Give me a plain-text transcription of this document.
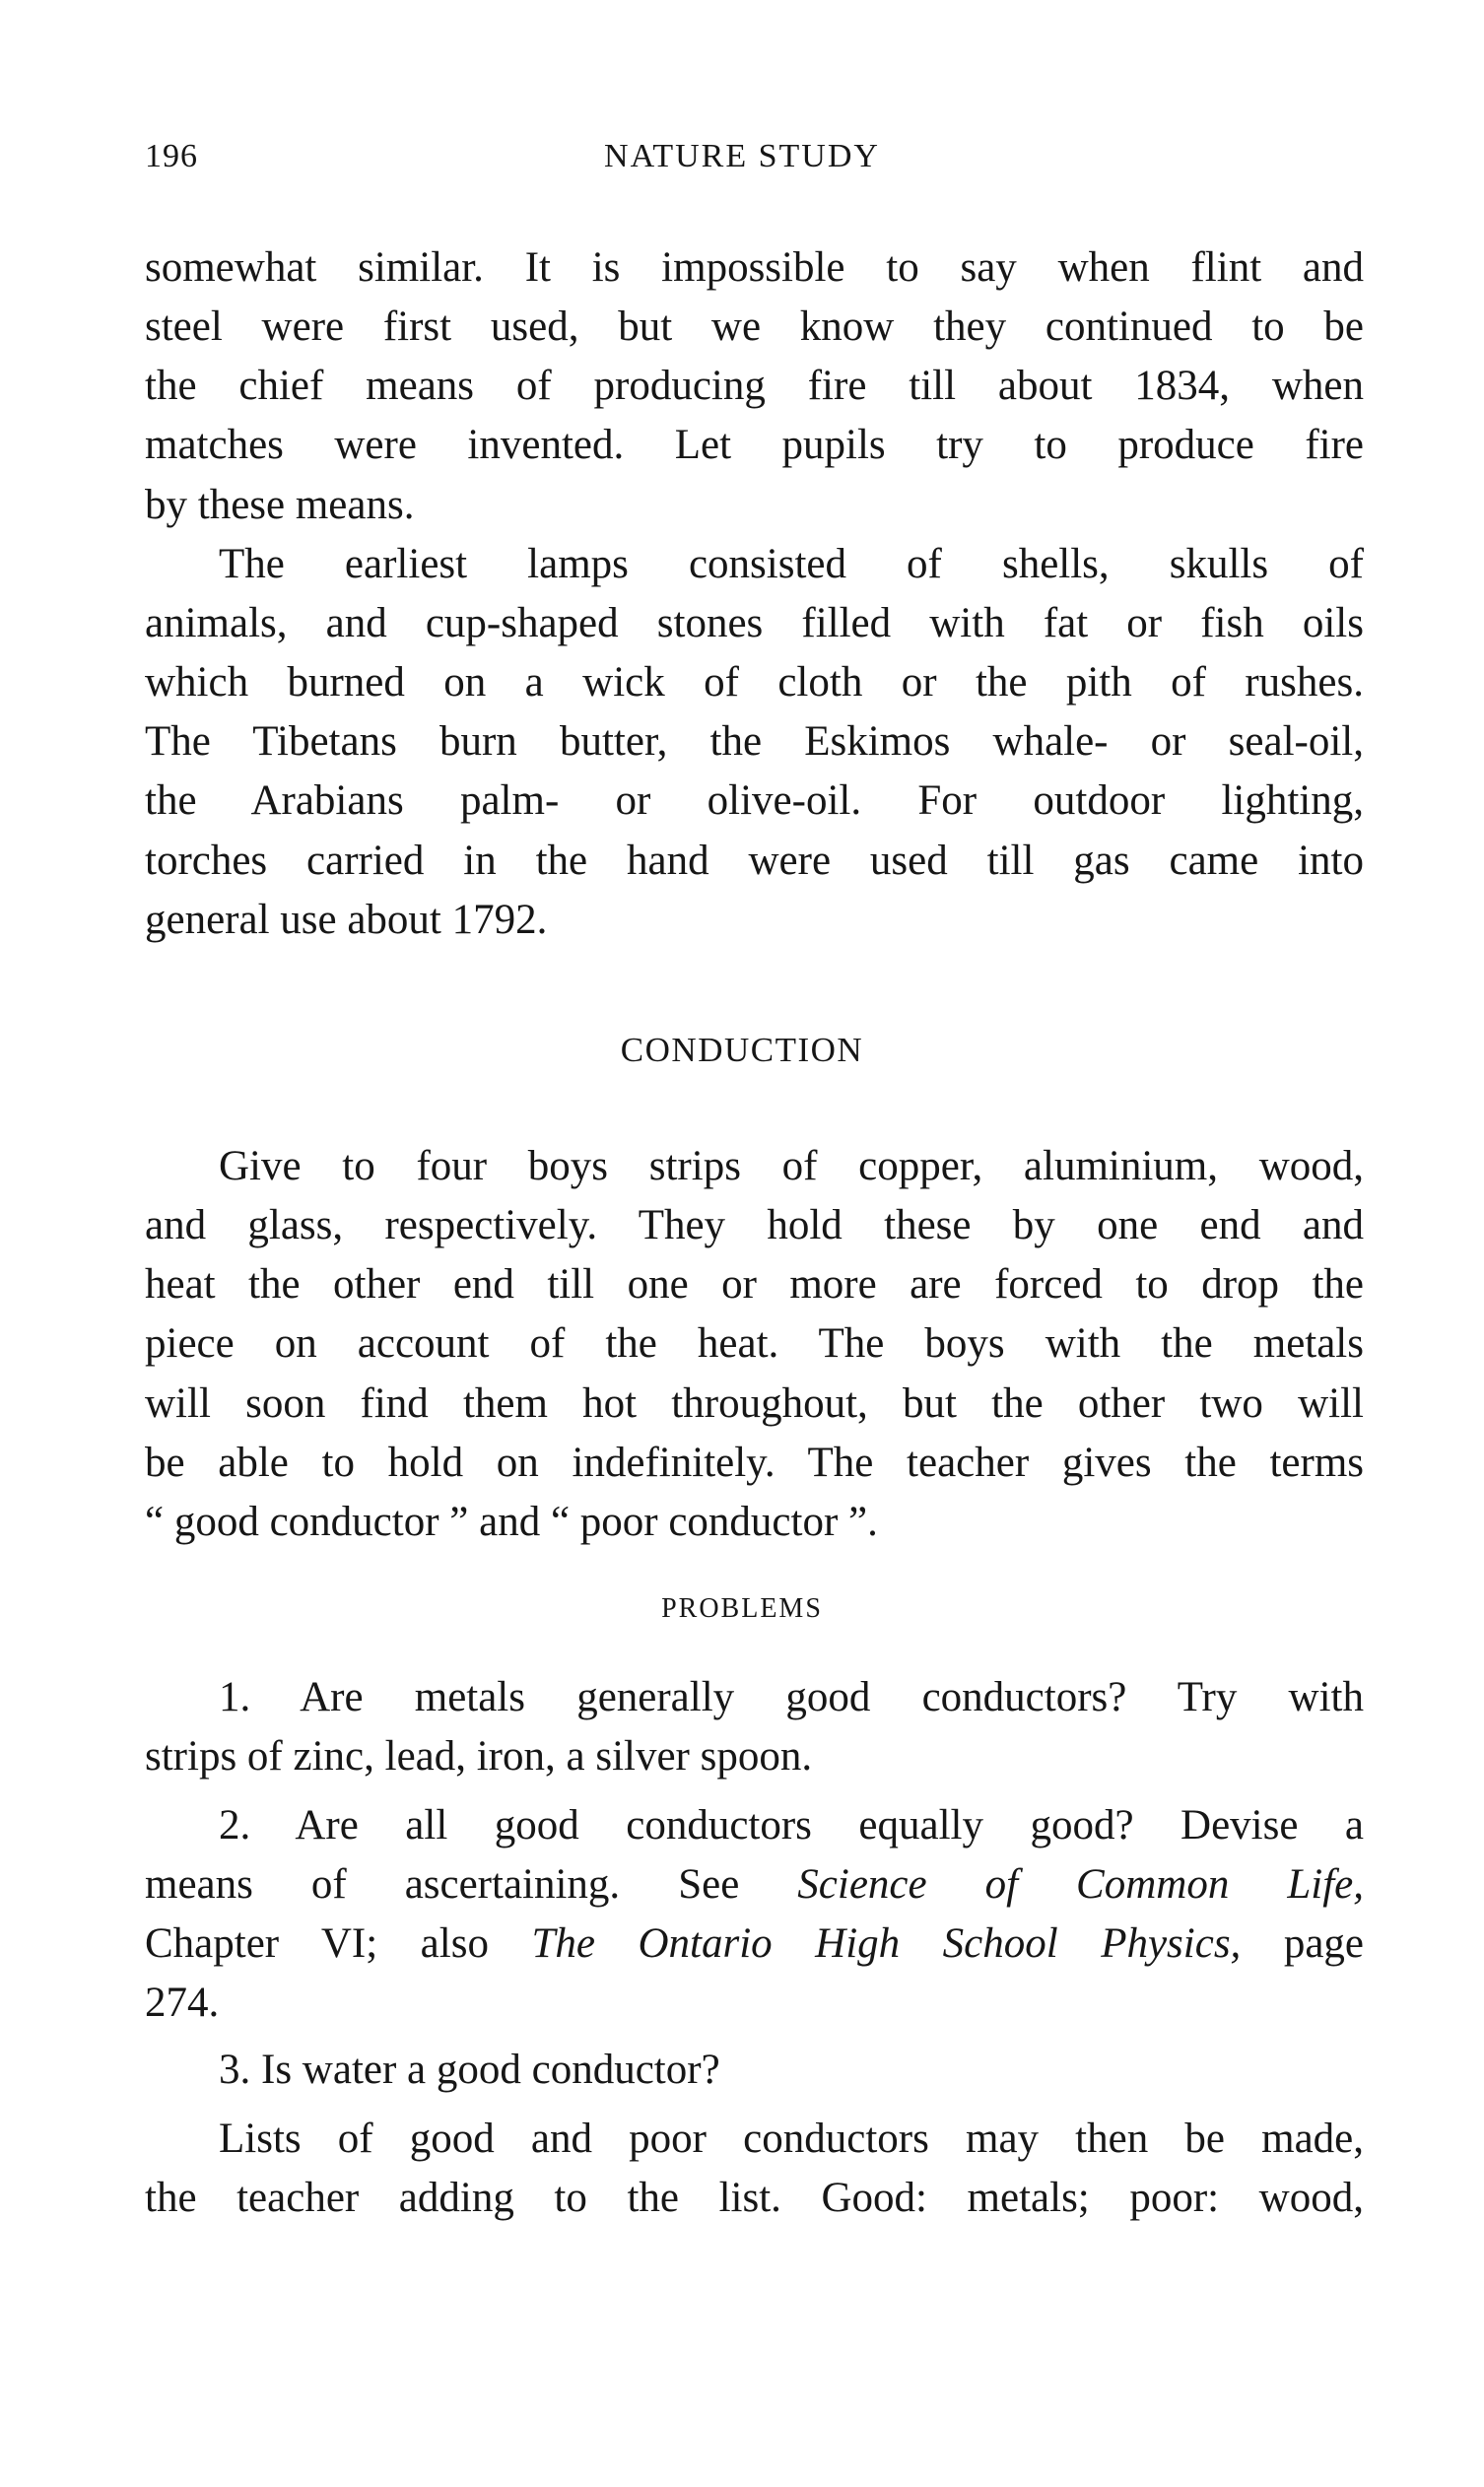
196	NATURE STUDY
somewhat similar. It is impossible to say when flint and
steel were first used, but we know they continued to be
the chief means of producing fire till about 1834, when
matches were invented. Let pupils try to produce fire
by these means.
The earliest lamps consisted of shells, skulls of
animals, and cup-shaped stones filled with fat or fish oils
which burned on a wick of cloth or the pith of rushes.
The Tibetans burn butter, the Eskimos whale- or seal-oil,
the Arabians palm- or olive-oil. For outdoor lighting,
torches carried in the hand were used till gas came into
general use about 1792.
CONDUCTION
Give to four boys strips of copper, aluminium, wood,
and glass, respectively. They hold these by one end and
heat the other end till one or more are forced to drop the
piece on account of the heat. The boys with the metals
will soon find them hot throughout, but the other two will
be able to hold on indefinitely. The teacher gives the terms
“ good conductor ” and “ poor conductor ”.
PROBLEMS
1. Are metals generally good conductors? Try with
strips of zinc, lead, iron, a silver spoon.
2. Are all good conductors equally good? Devise a
means of ascertaining. See Science of Common Life,
Chapter VI; also The Ontario High School Physics, page
274.
3. Is water a good conductor?
Lists of good and poor conductors may then be made,
the teacher adding to the list. Good: metals; poor: wood,
